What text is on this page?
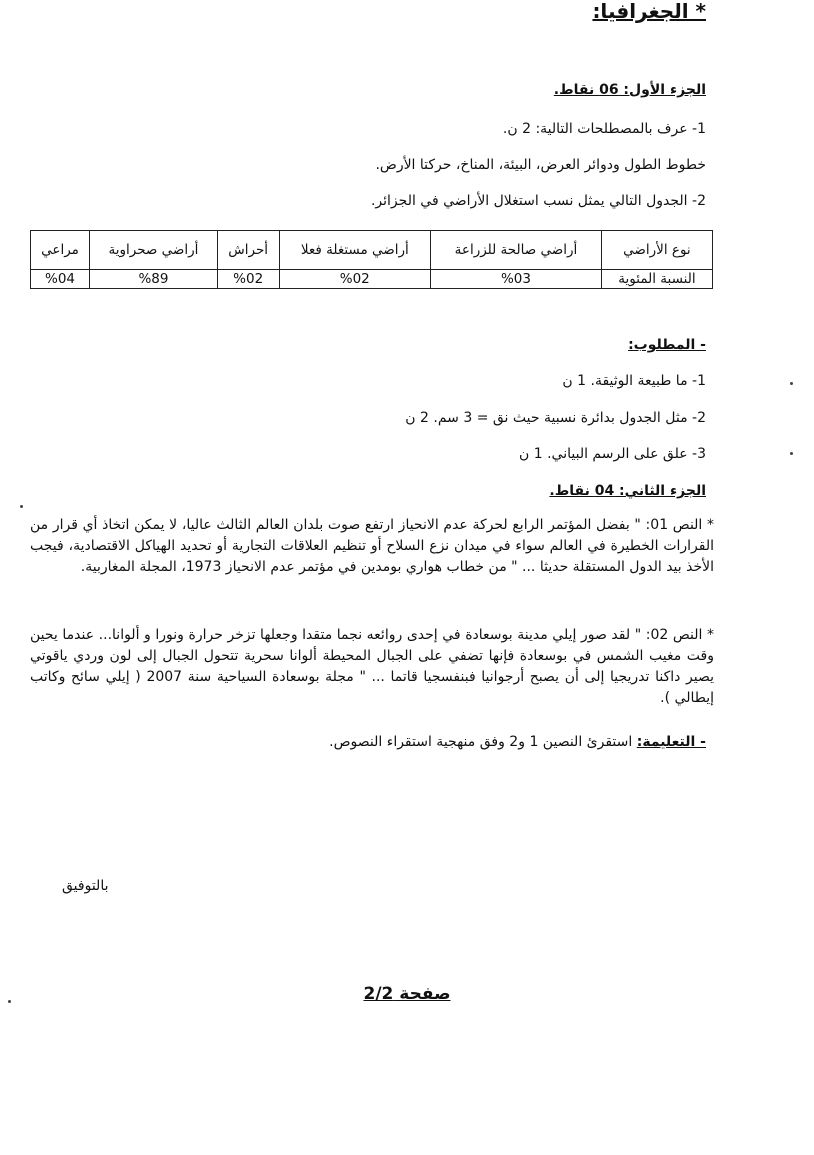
* الجغرافيا:
الجزء الأول: 06 نقاط.
1- عرف بالمصطلحات التالية: 2 ن.
خطوط الطول ودوائر العرض، البيئة، المناخ، حركتا الأرض.
2- الجدول التالي يمثل نسب استغلال الأراضي في الجزائر.
نوع الأراضي	أراضي صالحة للزراعة	أراضي مستغلة فعلا	أحراش	أراضي صحراوية	مراعي
النسبة المئوية	%03	%02	%02	%89	%04
- المطلوب:
1- ما طبيعة الوثيقة. 1 ن
2- مثل الجدول بدائرة نسبية حيث نق = 3 سم. 2 ن
3- علق على الرسم البياني. 1 ن
الجزء الثاني: 04 نقاط.
* النص 01: " بفضل المؤتمر الرابع لحركة عدم الانحياز ارتفع صوت بلدان العالم الثالث عاليا، لا يمكن اتخاذ أي قرار من القرارات الخطيرة في العالم سواء في ميدان نزع السلاح أو تنظيم العلاقات التجارية أو تحديد الهياكل الاقتصادية، فيجب الأخذ بيد الدول المستقلة حديثا ... " من خطاب هواري بومدين في مؤتمر عدم الانحياز 1973، المجلة المغاربية.
* النص 02: " لقد صور إيلي مدينة بوسعادة في إحدى روائعه نجما متقدا وجعلها تزخر حرارة ونورا و ألوانا... عندما يحين وقت مغيب الشمس في بوسعادة فإنها تضفي على الجبال المحيطة ألوانا سحرية تتحول الجبال إلى لون وردي ياقوتي يصير داكنا تدريجيا إلى أن يصبح أرجوانيا فبنفسجيا قاتما ... " مجلة بوسعادة السياحية سنة 2007 ( إيلي سائح وكاتب إيطالي ).
- التعليمة: استقرئ النصين 1 و2 وفق منهجية استقراء النصوص.
بالتوفيق
صفحة 2/2
